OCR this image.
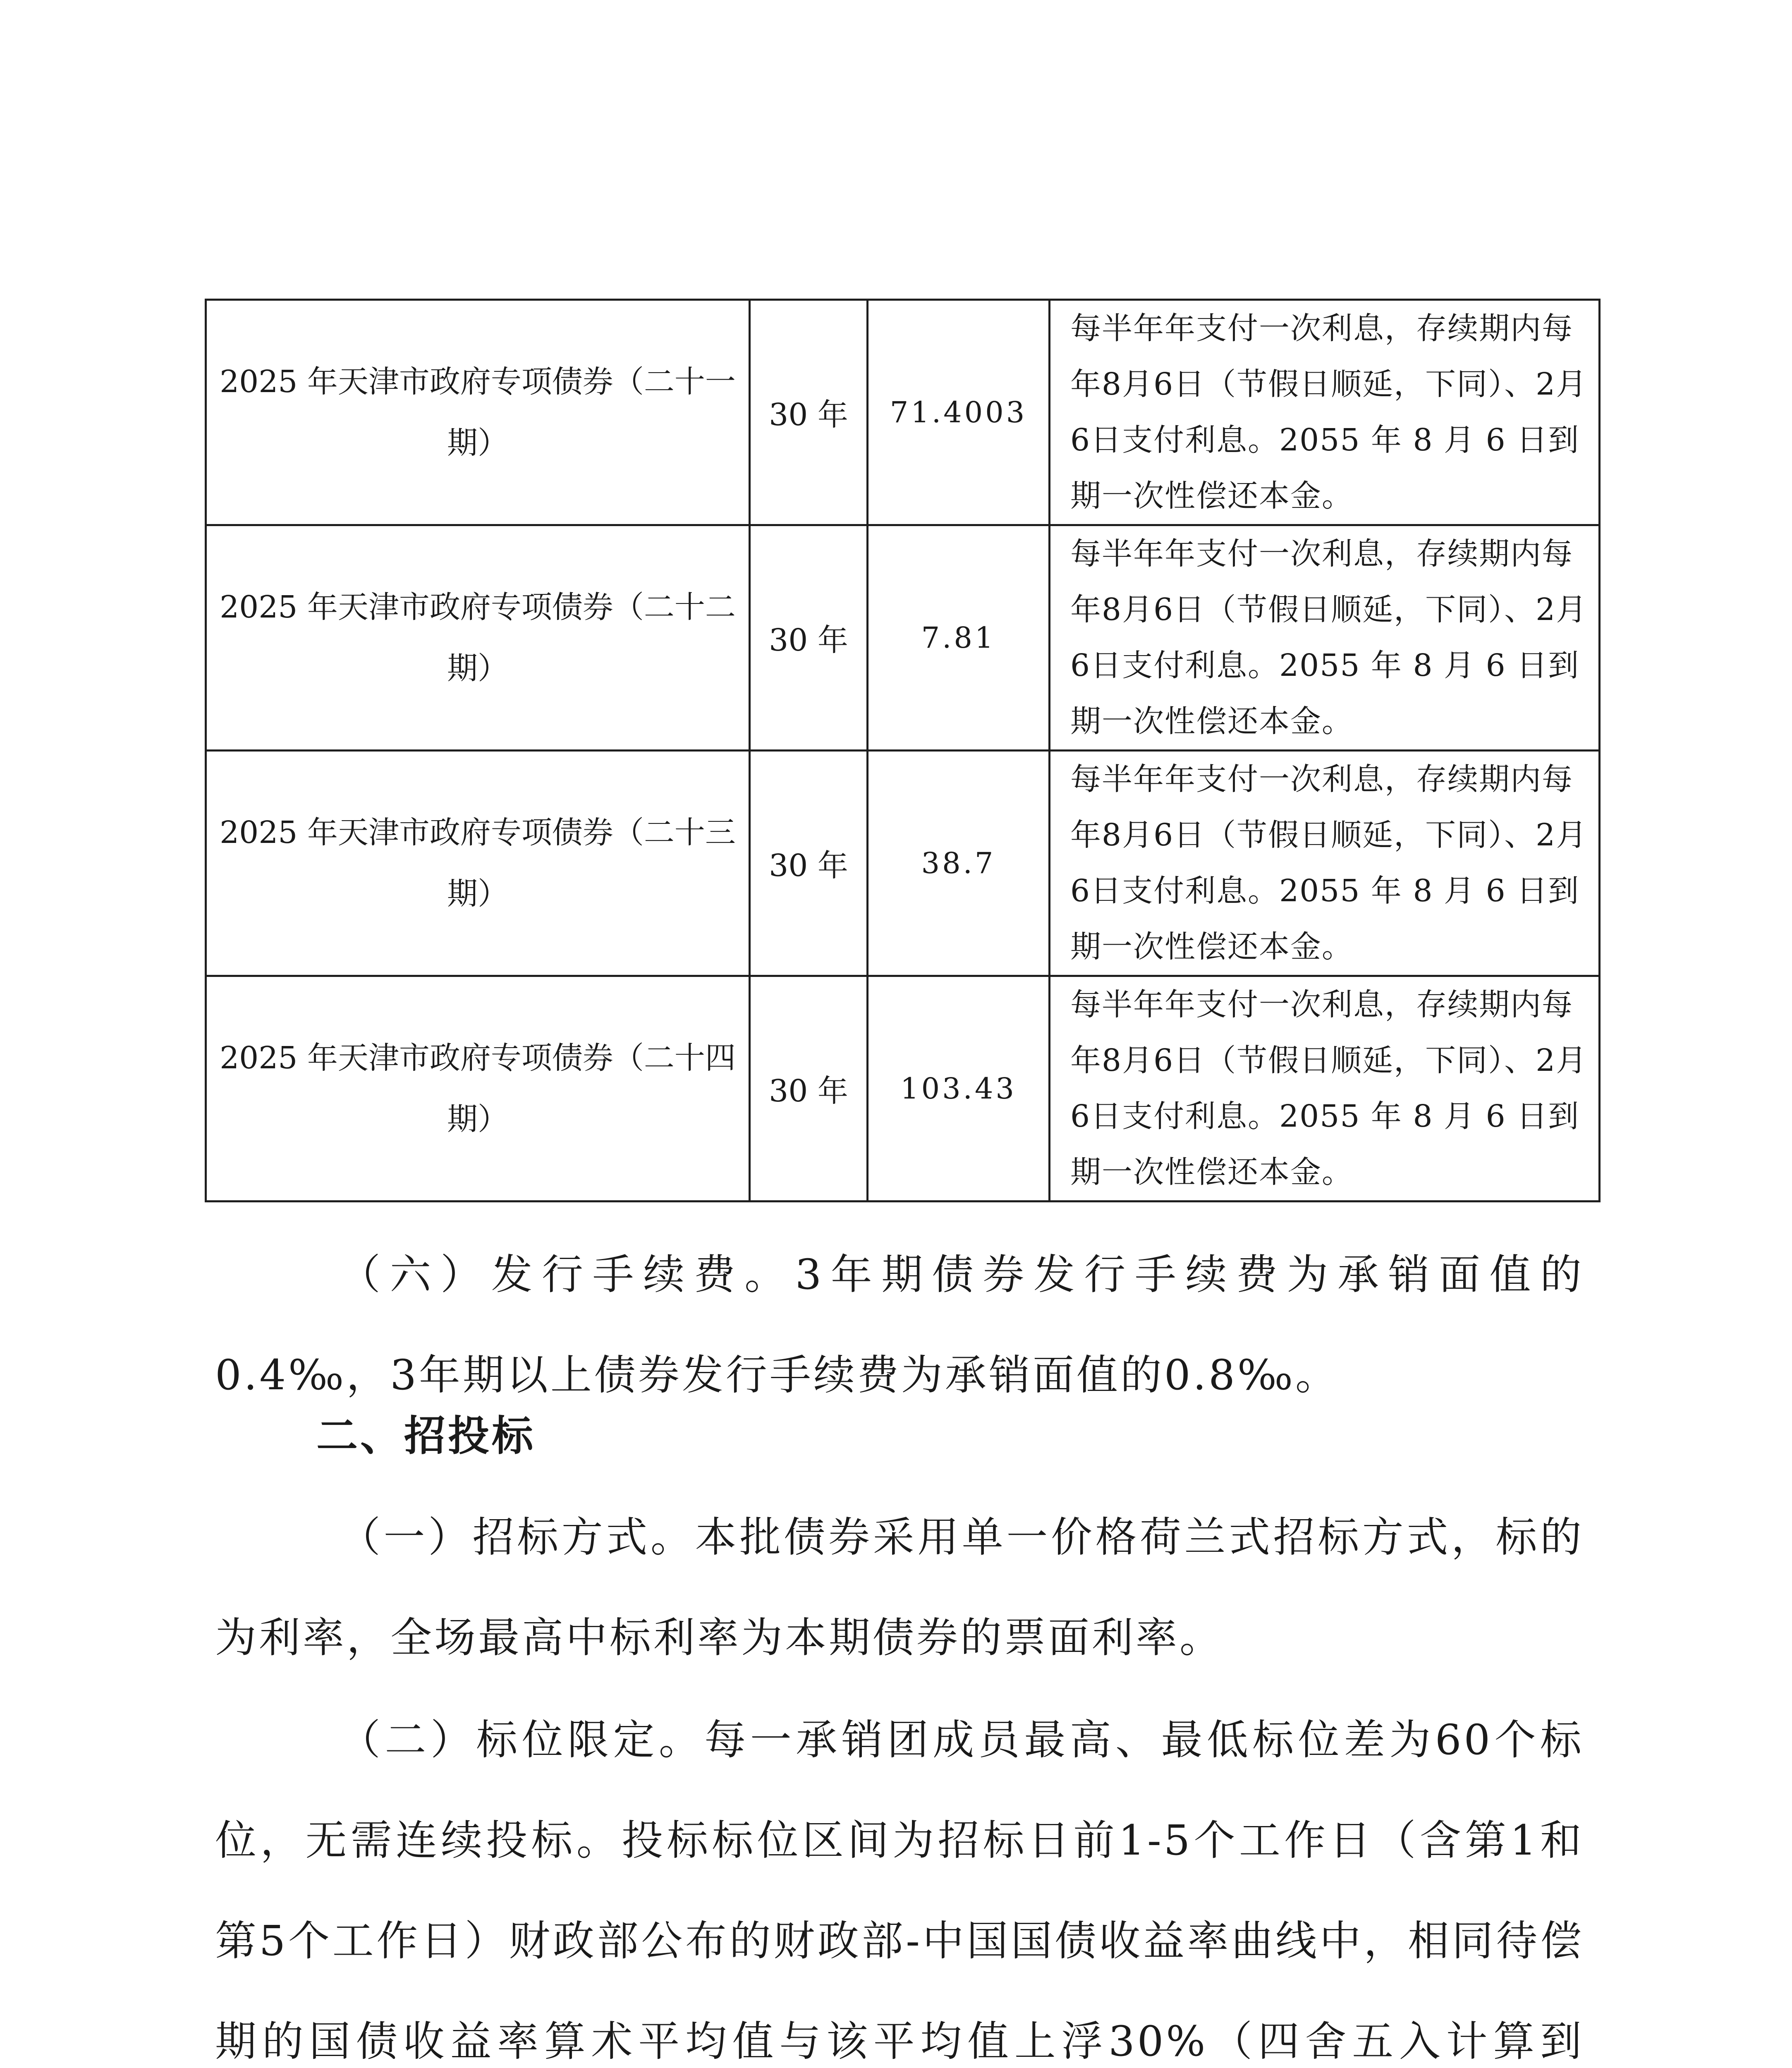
2025 年天津市政府专项债券（二十一期）	30 年	71.4003	每半年年支付一次利息，存续期内每年8月6日（节假日顺延，下同）、2月6日支付利息。2055 年 8 月 6 日到期一次性偿还本金。
2025 年天津市政府专项债券（二十二期）	30 年	7.81	每半年年支付一次利息，存续期内每年8月6日（节假日顺延，下同）、2月6日支付利息。2055 年 8 月 6 日到期一次性偿还本金。
2025 年天津市政府专项债券（二十三期）	30 年	38.7	每半年年支付一次利息，存续期内每年8月6日（节假日顺延，下同）、2月6日支付利息。2055 年 8 月 6 日到期一次性偿还本金。
2025 年天津市政府专项债券（二十四期）	30 年	103.43	每半年年支付一次利息，存续期内每年8月6日（节假日顺延，下同）、2月6日支付利息。2055 年 8 月 6 日到期一次性偿还本金。

（六）发行手续费。3年期债券发行手续费为承销面值的0.4‰，3年期以上债券发行手续费为承销面值的0.8‰。

二、招投标

（一）招标方式。本批债券采用单一价格荷兰式招标方式，标的为利率，全场最高中标利率为本期债券的票面利率。

（二）标位限定。每一承销团成员最高、最低标位差为60个标位，无需连续投标。投标标位区间为招标日前1-5个工作日（含第1和第5个工作日）财政部公布的财政部-中国国债收益率曲线中，相同待偿期的国债收益率算术平均值与该平均值上浮30%（四舍五入计算到
